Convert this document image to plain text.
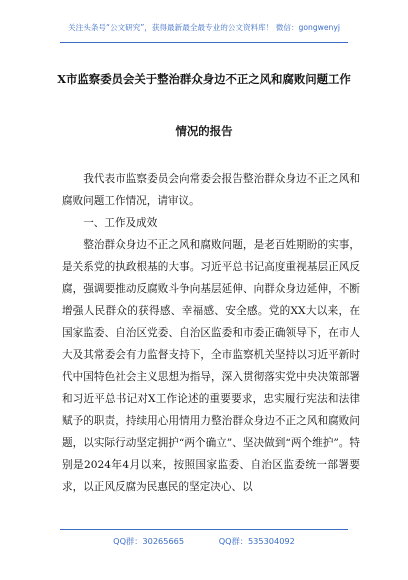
关注头条号“公文研究”，获得最新最全最专业的公文资料库！ 微信：gongwenyj
X市监察委员会关于整治群众身边不正之风和腐败问题工作
情况的报告

我代表市监察委员会向常委会报告整治群众身边不正之风和腐败问题工作情况，请审议。

一、工作及成效

整治群众身边不正之风和腐败问题，是老百姓期盼的实事，是关系党的执政根基的大事。习近平总书记高度重视基层正风反腐，强调要推动反腐败斗争向基层延伸、向群众身边延伸，不断增强人民群众的获得感、幸福感、安全感。党的XX大以来，在国家监委、自治区党委、自治区监委和市委正确领导下，在市人大及其常委会有力监督支持下，全市监察机关坚持以习近平新时代中国特色社会主义思想为指导，深入贯彻落实党中央决策部署和习近平总书记对X工作论述的重要要求，忠实履行宪法和法律赋予的职责，持续用心用情用力整治群众身边不正之风和腐败问题，以实际行动坚定拥护“两个确立”、坚决做到“两个维护”。特别是2024年4月以来，按照国家监委、自治区监委统一部署要求，以正风反腐为民惠民的坚定决心、以

QQ群：30265665	QQ群：535304092
